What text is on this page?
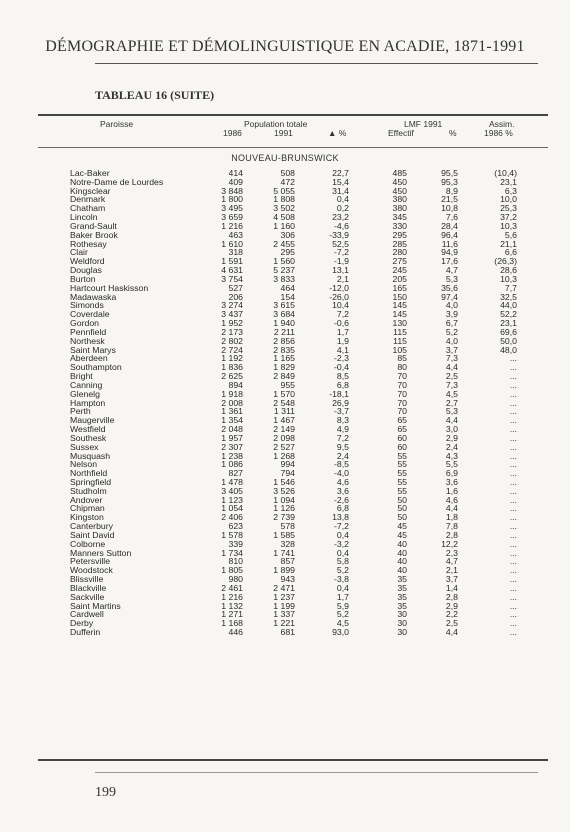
DÉMOGRAPHIE ET DÉMOLINGUISTIQUE EN ACADIE, 1871-1991
TABLEAU 16 (SUITE)
Paroisse	Population totale
1986	1991	▲ %
LMF 1991
Effectif	%
Assim.
1986 %
NOUVEAU-BRUNSWICK
Lac-Baker	414	508	22,7	485	95,5	(10,4)
Notre-Dame de Lourdes	409	472	15,4	450	95,3	23,1
Kingsclear	3 848	5 055	31,4	450	8,9	6,3
Denmark	1 800	1 808	0,4	380	21,5	10,0
Chatham	3 495	3 502	0,2	380	10,8	25,3
Lincoln	3 659	4 508	23,2	345	7,6	37,2
Grand-Sault	1 216	1 160	-4,6	330	28,4	10,3
Baker Brook	463	306	-33,9	295	96,4	5,6
Rothesay	1 610	2 455	52,5	285	11,6	21,1
Clair	318	295	-7,2	280	94,9	6,6
Weldford	1 591	1 560	-1,9	275	17,6	(26,3)
Douglas	4 631	5 237	13,1	245	4,7	28,6
Burton	3 754	3 833	2,1	205	5,3	10,3
Hartcourt Haskisson	527	464	-12,0	165	35,6	7,7
Madawaska	206	154	-26,0	150	97,4	32,5
Simonds	3 274	3 615	10,4	145	4,0	44,0
Coverdale	3 437	3 684	7,2	145	3,9	52,2
Gordon	1 952	1 940	-0,6	130	6,7	23,1
Pennfield	2 173	2 211	1,7	115	5,2	69,6
Northesk	2 802	2 856	1,9	115	4,0	50,0
Saint Marys	2 724	2 835	4,1	105	3,7	48,0
Aberdeen	1 192	1 165	-2,3	85	7,3	...
Southampton	1 836	1 829	-0,4	80	4,4	...
Bright	2 625	2 849	8,5	70	2,5	...
Canning	894	955	6,8	70	7,3	...
Glenelg	1 918	1 570	-18,1	70	4,5	...
Hampton	2 008	2 548	26,9	70	2,7	...
Perth	1 361	1 311	-3,7	70	5,3	...
Maugerville	1 354	1 467	8,3	65	4,4	...
Westfield	2 048	2 149	4,9	65	3,0	...
Southesk	1 957	2 098	7,2	60	2,9	...
Sussex	2 307	2 527	9,5	60	2,4	...
Musquash	1 238	1 268	2,4	55	4,3	...
Nelson	1 086	994	-8,5	55	5,5	...
Northfield	827	794	-4,0	55	6,9	...
Springfield	1 478	1 546	4,6	55	3,6	...
Studholm	3 405	3 526	3,6	55	1,6	...
Andover	1 123	1 094	-2,6	50	4,6	...
Chipman	1 054	1 126	6,8	50	4,4	...
Kingston	2 406	2 739	13,8	50	1,8	...
Canterbury	623	578	-7,2	45	7,8	...
Saint David	1 578	1 585	0,4	45	2,8	...
Colborne	339	328	-3,2	40	12,2	...
Manners Sutton	1 734	1 741	0,4	40	2,3	...
Petersville	810	857	5,8	40	4,7	...
Woodstock	1 805	1 899	5,2	40	2,1	...
Blissville	980	943	-3,8	35	3,7	...
Blackville	2 461	2 471	0,4	35	1,4	...
Sackville	1 216	1 237	1,7	35	2,8	...
Saint Martins	1 132	1 199	5,9	35	2,9	...
Cardwell	1 271	1 337	5,2	30	2,2	...
Derby	1 168	1 221	4,5	30	2,5	...
Dufferin	446	681	93,0	30	4,4	...
199
